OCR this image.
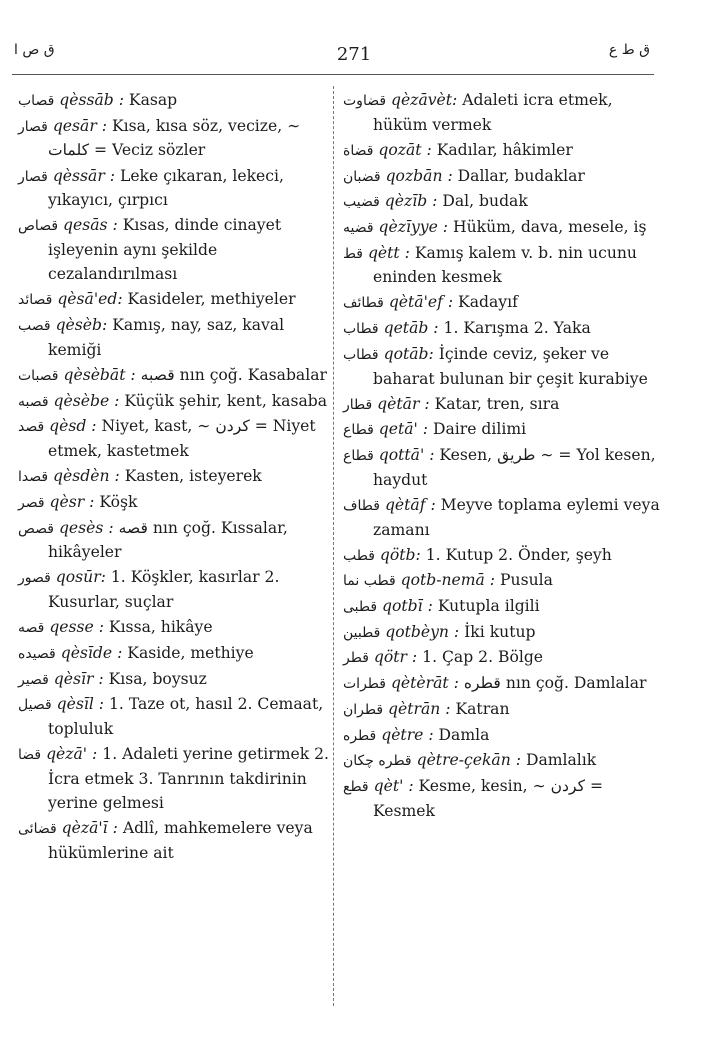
ق ص ا	271	ق ط ع
قصاب qèssāb : Kasap
قصار qesār : Kısa, kısa söz, vecize, ∼ كلمات = Veciz sözler
قصار qèssār : Leke çıkaran, lekeci, yıkayıcı, çırpıcı
قصاص qesās : Kısas, dinde cinayet işleyenin aynı şekilde cezalandırılması
قصائد qèsā'ed: Kasideler, methiyeler
قصب qèsèb: Kamış, nay, saz, kaval kemiği
قصبات qèsèbāt : قصبه nın çoğ. Kasabalar
قصبه qèsèbe : Küçük şehir, kent, kasaba
قصد qèsd : Niyet, kast, ∼ كردن = Niyet etmek, kastetmek
قصدا qèsdèn : Kasten, isteyerek
قصر qèsr : Köşk
قصص qesès : قصه nın çoğ. Kıssalar, hikâyeler
قصور qosūr: 1. Köşkler, kasırlar 2. Kusurlar, suçlar
قصه qesse : Kıssa, hikâye
قصيده qèsīde : Kaside, methiye
قصير qèsīr : Kısa, boysuz
قصيل qèsīl : 1. Taze ot, hasıl 2. Cemaat, topluluk
قضا qèzā' : 1. Adaleti yerine getirmek 2. İcra etmek 3. Tanrının takdirinin yerine gelmesi
قضائی qèzā'ī : Adlî, mahkemelere veya hükümlerine ait
قضاوت qèzāvèt: Adaleti icra etmek, hüküm vermek
قضاة qozāt : Kadılar, hâkimler
قضبان qozbān : Dallar, budaklar
قضيب qèzīb : Dal, budak
قضيه qèzīyye : Hüküm, dava, mesele, iş
قط qètt : Kamış kalem v. b. nin ucunu eninden kesmek
قطائف qètā'ef : Kadayıf
قطاب qetāb : 1. Karışma 2. Yaka
قطاب qotāb: İçinde ceviz, şeker ve baharat bulunan bir çeşit kurabiye
قطار qètār : Katar, tren, sıra
قطاع qetā' : Daire dilimi
قطاع qottā' : Kesen, طريق ∼ = Yol kesen, haydut
قطاف qètāf : Meyve toplama eylemi veya zamanı
قطب qötb: 1. Kutup 2. Önder, şeyh
قطب نما qotb-nemā : Pusula
قطبى qotbī : Kutupla ilgili
قطبين qotbèyn : İki kutup
قطر qötr : 1. Çap 2. Bölge
قطرات qètèrāt : قطره nın çoğ. Damlalar
قطران qètrān : Katran
قطره qètre : Damla
قطره چكان qètre-çekān : Damlalık
قطع qèt' : Kesme, kesin, ∼ كردن = Kesmek
